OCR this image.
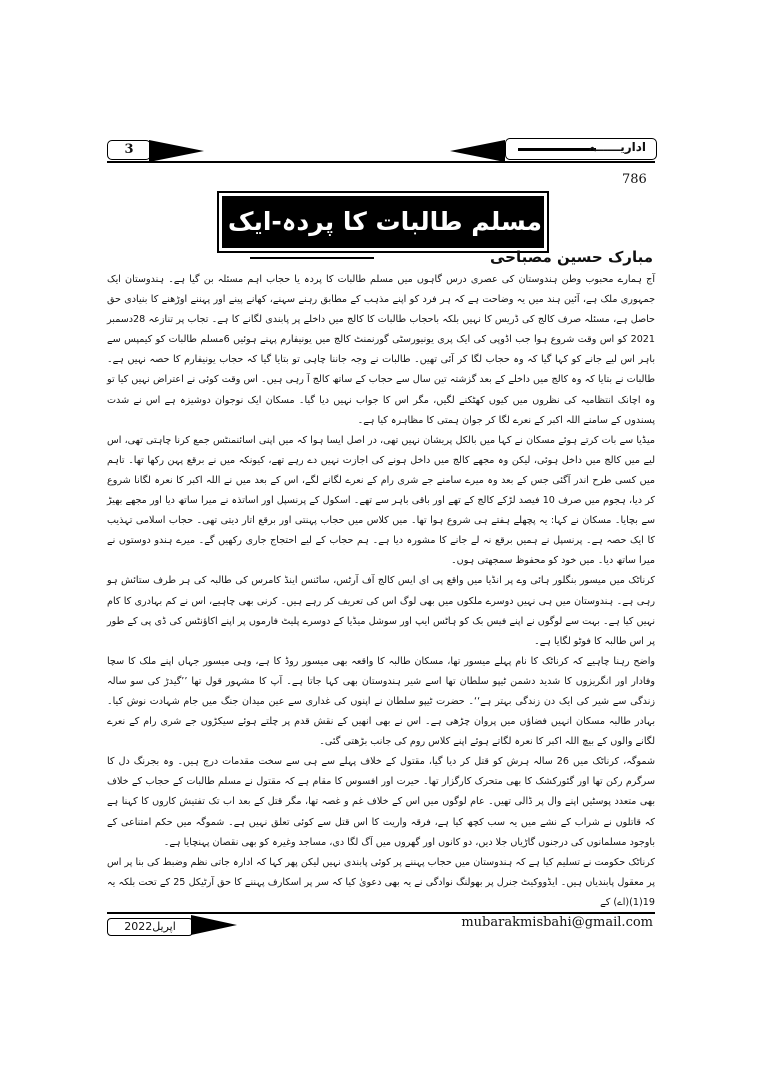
3	اداریــــــہ
786
مسلم طالبات کا پردہ-ایک مختصر جائزہ
مبارک حسین مصباحی

آج ہمارے محبوب وطن ہندوستان کی عصری درس گاہوں میں مسلم طالبات کا پردہ یا حجاب اہم مسئلہ بن گیا ہے۔ ہندوستان ایک جمہوری ملک ہے، آئین ہند میں یہ وضاحت ہے کہ ہر فرد کو اپنے مذہب کے مطابق رہنے سہنے، کھانے پینے اور پہننے اوڑھنے کا بنیادی حق حاصل ہے، مسئلہ صرف کالج کی ڈریس کا نہیں بلکہ باحجاب طالبات کا کالج میں داخلے پر پابندی لگانے کا ہے۔ تجاب پر تنازعہ 28دسمبر 2021 کو اس وقت شروع ہوا جب اڈوپی کی ایک پری یونیورسٹی گورنمنٹ کالج میں یونیفارم پہنے ہوئیں 6مسلم طالبات کو کیمپس سے باہر اس لیے جانے کو کہا گیا کہ وہ حجاب لگا کر آئی تھیں۔ طالبات نے وجہ جاننا چاہی تو بتایا گیا کہ حجاب یونیفارم کا حصہ نہیں ہے۔ طالبات نے بتایا کہ وہ کالج میں داخلے کے بعد گزشتہ تین سال سے حجاب کے ساتھ کالج آ رہی ہیں۔ اس وقت کوئی نے اعتراض نہیں کیا تو وہ اچانک انتظامیہ کی نظروں میں کیوں کھٹکنے لگیں، مگر اس کا جواب نہیں دیا گیا۔ مسکان ایک نوجوان دوشیزہ ہے اس نے شدت پسندوں کے سامنے اللہ اکبر کے نعرے لگا کر جوان ہمتی کا مظاہرہ کیا ہے۔

میڈیا سے بات کرتے ہوئے مسکان نے کہا میں بالکل پریشان نہیں تھی، در اصل ایسا ہوا کہ میں اپنی اسائنمنٹس جمع کرنا چاہتی تھی، اس لیے میں کالج میں داخل ہوئی، لیکن وہ مجھے کالج میں داخل ہونے کی اجازت نہیں دے رہے تھے، کیونکہ میں نے برقع پہن رکھا تھا۔ تاہم میں کسی طرح اندر آگئی جس کے بعد وہ میرے سامنے جے شری رام کے نعرے لگانے لگے، اس کے بعد میں نے اللہ اکبر کا نعرہ لگانا شروع کر دیا، ہجوم میں صرف 10 فیصد لڑکے کالج کے تھے اور باقی باہر سے تھے۔ اسکول کے پرنسپل اور اساتذہ نے میرا ساتھ دیا اور مجھے بھیڑ سے بچایا۔ مسکان نے کہا: یہ پچھلے ہفتے ہی شروع ہوا تھا۔ میں کلاس میں حجاب پہنتی اور برقع اتار دیتی تھی۔ حجاب اسلامی تہذیب کا ایک حصہ ہے۔ پرنسپل نے ہمیں برقع نہ لے جانے کا مشورہ دیا ہے۔ ہم حجاب کے لیے احتجاج جاری رکھیں گے۔ میرے ہندو دوستوں نے میرا ساتھ دیا۔ میں خود کو محفوظ سمجھتی ہوں۔

کرناٹک میں میسور بنگلور ہائی وے پر انڈیا میں واقع پی ای ایس کالج آف آرٹس، سائنس اینڈ کامرس کی طالبہ کی ہر طرف ستائش ہو رہی ہے۔ ہندوستان میں ہی نہیں دوسرے ملکوں میں بھی لوگ اس کی تعریف کر رہے ہیں۔ کرنی بھی چاہیے، اس نے کم بہادری کا کام نہیں کیا ہے۔ بہت سے لوگوں نے اپنے فیس بک کو ہاٹس ایپ اور سوشل میڈیا کے دوسرے پلیٹ فارموں پر اپنے اکاؤنٹس کی ڈی پی کے طور پر اس طالبہ کا فوٹو لگایا ہے۔

واضح رہنا چاہیے کہ کرناٹک کا نام پہلے میسور تھا، مسکان طالبہ کا واقعہ بھی میسور روڈ کا ہے، وہی میسور جہاں اپنے ملک کا سچا وفادار اور انگریزوں کا شدید دشمن ٹیپو سلطان تھا اسے شیر ہندوستان بھی کہا جاتا ہے۔ آپ کا مشہور قول تھا ’’گیدڑ کی سو سالہ زندگی سے شیر کی ایک دن زندگی بہتر ہے‘‘۔ حضرت ٹیپو سلطان نے اپنوں کی غداری سے عین میدان جنگ میں جام شہادت نوش کیا۔ بہادر طالبہ مسکان انہیں فضاؤں میں پروان چڑھی ہے۔ اس نے بھی انھیں کے نقش قدم پر چلتے ہوئے سیکڑوں جے شری رام کے نعرے لگانے والوں کے بیچ اللہ اکبر کا نعرہ لگاتے ہوئے اپنے کلاس روم کی جانب بڑھتی گئی۔

شموگہ، کرناٹک میں 26 سالہ ہرش کو قتل کر دیا گیا، مقتول کے خلاف پہلے سے ہی سے سخت مقدمات درج ہیں۔ وہ بجرنگ دل کا سرگرم رکن تھا اور گئورکشک کا بھی متحرک کارگزار تھا۔ حیرت اور افسوس کا مقام ہے کہ مقتول نے مسلم طالبات کے حجاب کے خلاف بھی متعدد پوسٹیں اپنے وال پر ڈالی تھیں۔ عام لوگوں میں اس کے خلاف غم و غصہ تھا، مگر قتل کے بعد اب تک تفتیش کاروں کا کہنا ہے کہ قاتلوں نے شراب کے نشے میں یہ سب کچھ کیا ہے، فرقہ واریت کا اس قتل سے کوئی تعلق نہیں ہے۔ شموگہ میں حکم امتناعی کے باوجود مسلمانوں کی درجنوں گاڑیاں جلا دیں، دو کانوں اور گھروں میں آگ لگا دی، مساجد وغیرہ کو بھی نقصان پہنچایا ہے۔

کرناٹک حکومت نے تسلیم کیا ہے کہ ہندوستان میں حجاب پہننے پر کوئی پابندی نہیں لیکن پھر کہا کہ ادارہ جاتی نظم وضبط کی بنا پر اس پر معقول پابندیاں ہیں۔ ایڈووکیٹ جنرل پر بھولنگ نوادگی نے یہ بھی دعویٰ کیا کہ سر پر اسکارف پہننے کا حق آرٹیکل 25 کے تحت بلکہ یہ 19(1)(اے) کے

اپریل2022	mubarakmisbahi@gmail.com
